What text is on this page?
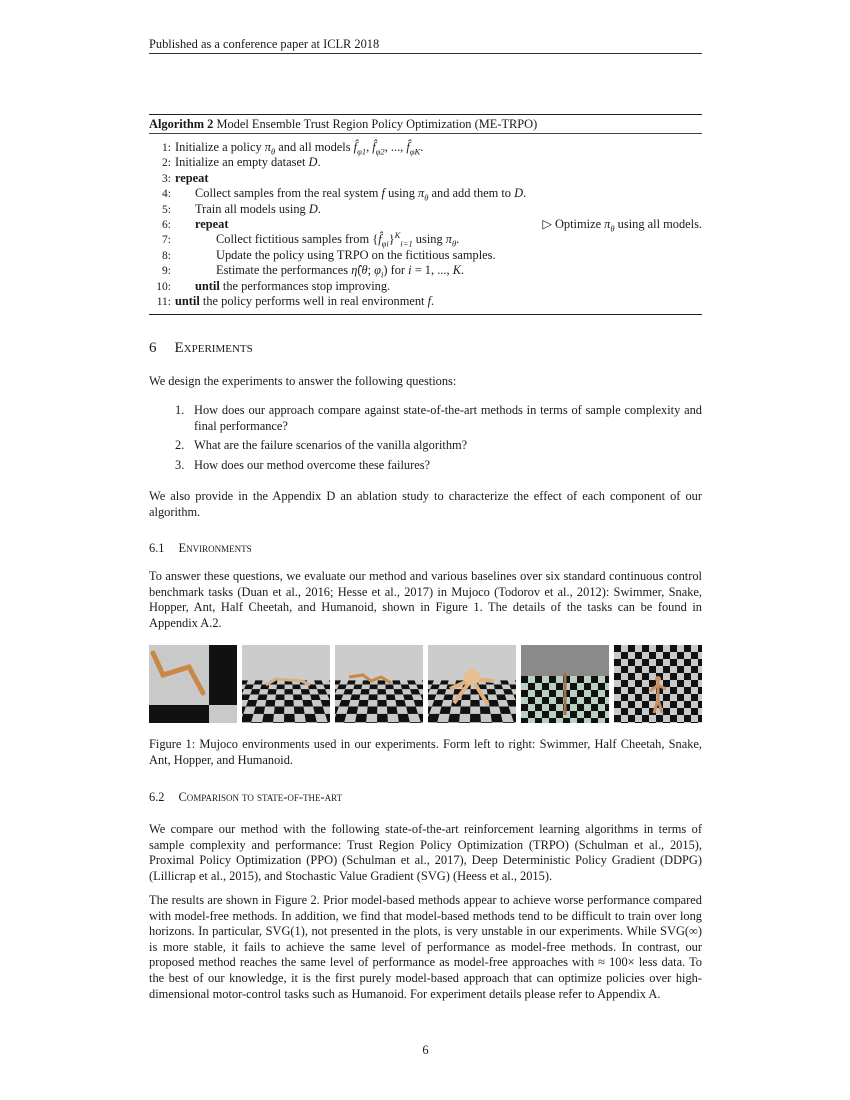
Published as a conference paper at ICLR 2018
Algorithm 2 Model Ensemble Trust Region Policy Optimization (ME-TRPO)
1: Initialize a policy $\pi_\theta$ and all models $f̂_{\varphi 1}$, $f̂_{\varphi 2}$, ..., $f̂_{\varphi K}$.
2: Initialize an empty dataset D.
3: repeat
4: Collect samples from the real system f using $\pi_\theta$ and add them to D.
5: Train all models using D.
6: repeat	▷ Optimize $\pi_\theta$ using all models.
7:	Collect fictitious samples from $\{f̂_{\varphi i}\}^K_{i=1}$ using $\pi_\theta$.
8:	Update the policy using TRPO on the fictitious samples.
9:	Estimate the performances η̂(θ; $\varphi_i$) for i = 1, ..., K.
10: until the performances stop improving.
11: until the policy performs well in real environment f.
6 Experiments

We design the experiments to answer the following questions:

1. How does our approach compare against state-of-the-art methods in terms of sample complexity and final performance?
2. What are the failure scenarios of the vanilla algorithm?
3. How does our method overcome these failures?

We also provide in the Appendix D an ablation study to characterize the effect of each component of our algorithm.

6.1 Environments

To answer these questions, we evaluate our method and various baselines over six standard continuous control benchmark tasks (Duan et al., 2016; Hesse et al., 2017) in Mujoco (Todorov et al., 2012): Swimmer, Snake, Hopper, Ant, Half Cheetah, and Humanoid, shown in Figure 1. The details of the tasks can be found in Appendix A.2.

Figure 1: Mujoco environments used in our experiments. Form left to right: Swimmer, Half Cheetah, Snake, Ant, Hopper, and Humanoid.

6.2 Comparison to state-of-the-art

We compare our method with the following state-of-the-art reinforcement learning algorithms in terms of sample complexity and performance: Trust Region Policy Optimization (TRPO) (Schulman et al., 2015), Proximal Policy Optimization (PPO) (Schulman et al., 2017), Deep Deterministic Policy Gradient (DDPG) (Lillicrap et al., 2015), and Stochastic Value Gradient (SVG) (Heess et al., 2015).

The results are shown in Figure 2. Prior model-based methods appear to achieve worse performance compared with model-free methods. In addition, we find that model-based methods tend to be difficult to train over long horizons. In particular, SVG(1), not presented in the plots, is very unstable in our experiments. While SVG(∞) is more stable, it fails to achieve the same level of performance as model-free methods. In contrast, our proposed method reaches the same level of performance as model-free approaches with ≈ 100× less data. To the best of our knowledge, it is the first purely model-based approach that can optimize policies over high-dimensional motor-control tasks such as Humanoid. For experiment details please refer to Appendix A.

6
